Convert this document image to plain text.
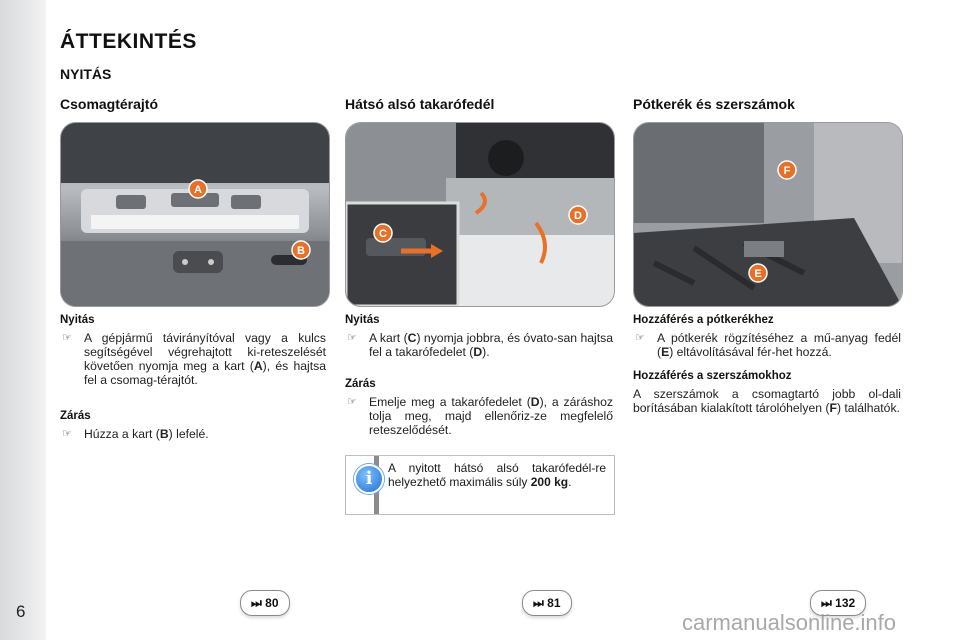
ÁTTEKINTÉS
NYITÁS
Csomagtérajtó	Hátsó alsó takarófedél	Pótkerék és szerszámok
A
B
C
D
F
E
Nyitás
☞ A gépjármű távirányítóval vagy a kulcs segítségével végrehajtott ki-reteszelését követően nyomja meg a kart (A), és hajtsa fel a csomag-térajtót.
Zárás
☞ Húzza a kart (B) lefelé.
Nyitás
☞ A kart (C) nyomja jobbra, és óvato-san hajtsa fel a takarófedelet (D).
Zárás
☞ Emelje meg a takarófedelet (D), a záráshoz tolja meg, majd ellenőriz-ze megfelelő reteszelődését.
i	A nyitott hátsó alsó takarófedél-re helyezhető maximális súly 200 kg.
Hozzáférés a pótkerékhez
☞ A pótkerék rögzítéséhez a mű-anyag fedél (E) eltávolításával fér-het hozzá.
Hozzáférés a szerszámokhoz
A szerszámok a csomagtartó jobb ol-dali borításában kialakított tárolóhelyen (F) találhatók.
⏭ 80	⏭ 81	⏭ 132
6	carmanualsonline.info
